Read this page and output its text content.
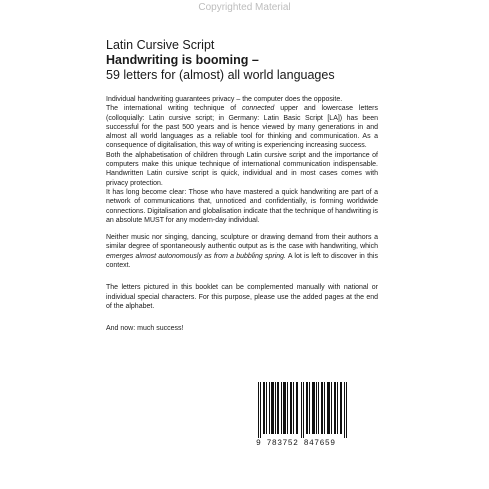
Copyrighted Material
Latin Cursive Script
Handwriting is booming –
59 letters for (almost) all world languages

Individual handwriting guarantees privacy – the computer does the opposite.

The international writing technique of connected upper and lowercase letters (colloquially: Latin cursive script; in Germany: Latin Basic Script [LA]) has been successful for the past 500 years and is hence viewed by many generations in and almost all world languages as a reliable tool for thinking and communication. As a consequence of digitalisation, this way of writing is experiencing increasing success.

Both the alphabetisation of children through Latin cursive script and the importance of computers make this unique technique of international communication indispensable. Handwritten Latin cursive script is quick, individual and in most cases comes with privacy protection.

It has long become clear: Those who have mastered a quick handwriting are part of a network of communications that, unnoticed and confidentially, is forming worldwide connections. Digitalisation and globalisation indicate that the technique of handwriting is an absolute MUST for any modern-day individual.

Neither music nor singing, dancing, sculpture or drawing demand from their authors a similar degree of spontaneously authentic output as is the case with handwriting, which emerges almost autonomously as from a bubbling spring. A lot is left to discover in this context.

The letters pictured in this booklet can be complemented manually with national or individual special characters. For this purpose, please use the added pages at the end of the alphabet.

And now: much success!

9 783752 847659
